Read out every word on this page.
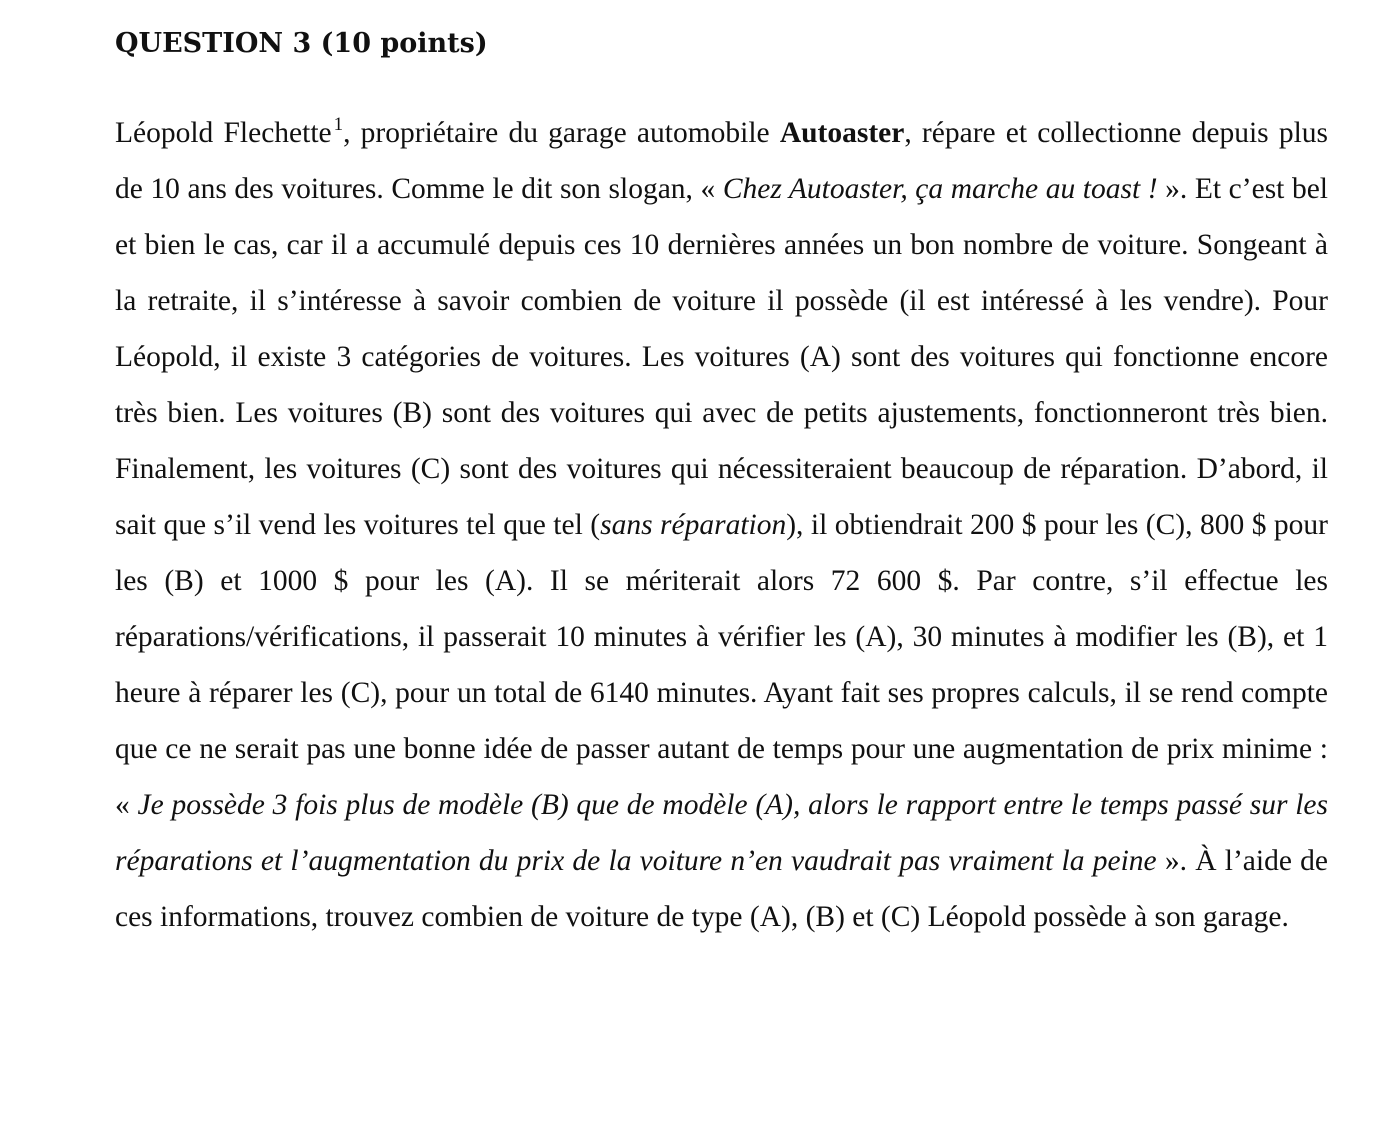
QUESTION 3 (10 points)

Léopold Flechette $^1$, propriétaire du garage automobile Autoaster, répare et collectionne depuis plus de 10 ans des voitures. Comme le dit son slogan, « Chez Autoaster, ça marche au toast ! ». Et c’est bel et bien le cas, car il a accumulé depuis ces 10 dernières années un bon nombre de voiture. Songeant à la retraite, il s’intéresse à savoir combien de voiture il possède (il est intéressé à les vendre). Pour Léopold, il existe 3 catégories de voitures. Les voitures (A) sont des voitures qui fonctionne encore très bien. Les voitures (B) sont des voitures qui avec de petits ajustements, fonctionneront très bien. Finalement, les voitures (C) sont des voitures qui nécessiteraient beaucoup de réparation. D’abord, il sait que s’il vend les voitures tel que tel (sans réparation), il obtiendrait 200 $ pour les (C), 800 $ pour les (B) et 1000 $ pour les (A). Il se mériterait alors 72 600 $. Par contre, s’il effectue les réparations/vérifications, il passerait 10 minutes à vérifier les (A), 30 minutes à modifier les (B), et 1 heure à réparer les (C), pour un total de 6140 minutes. Ayant fait ses propres calculs, il se rend compte que ce ne serait pas une bonne idée de passer autant de temps pour une augmentation de prix minime : « Je possède 3 fois plus de modèle (B) que de modèle (A), alors le rapport entre le temps passé sur les réparations et l’augmentation du prix de la voiture n’en vaudrait pas vraiment la peine ». À l’aide de ces informations, trouvez combien de voiture de type (A), (B) et (C) Léopold possède à son garage.
